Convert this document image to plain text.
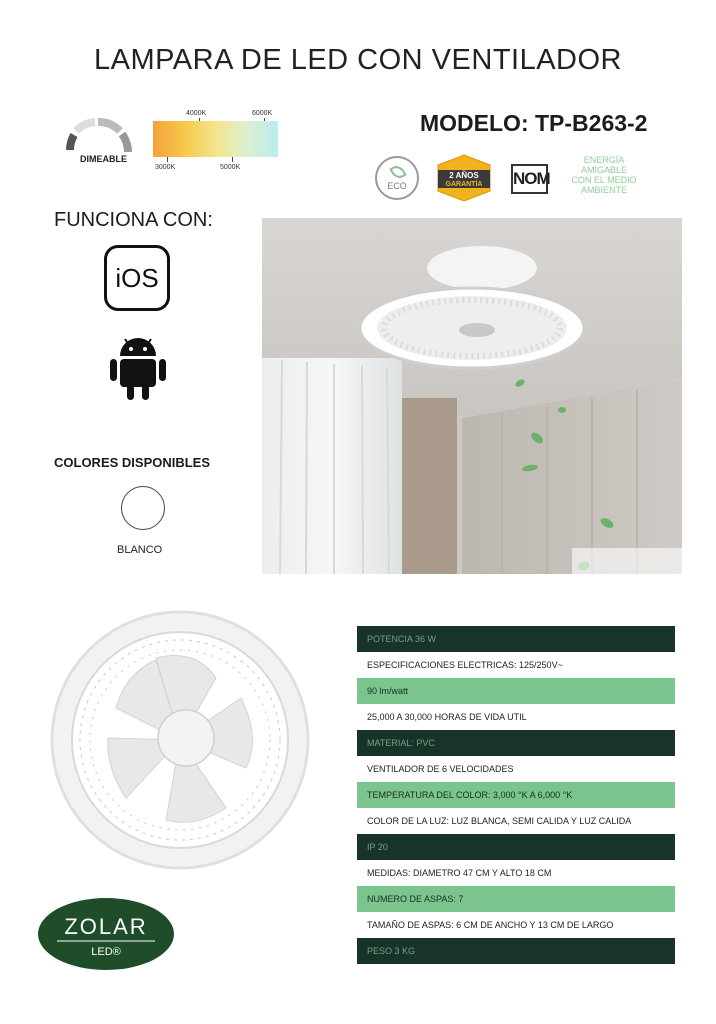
LAMPARA DE LED CON VENTILADOR
MODELO: TP-B263-2
DIMEABLE
4000K	6000K
3000K	5000K
ECO
2 AÑOS
GARANTÍA NOM
ENERGÍA
AMIGABLE
CON EL MEDIO
AMBIENTE
FUNCIONA CON:
iOS
COLORES DISPONIBLES
BLANCO
POTENCIA 36 W
ESPECIFICACIONES ELECTRICAS: 125/250V~
90 lm/watt
25,000 A 30,000 HORAS DE VIDA UTIL
MATERIAL: PVC
VENTILADOR DE 6 VELOCIDADES
TEMPERATURA DEL COLOR: 3,000 °K A 6,000 °K
COLOR DE LA LUZ: LUZ BLANCA, SEMI CALIDA Y LUZ CALIDA
IP 20
MEDIDAS: DIAMETRO 47 CM Y ALTO 18 CM
NUMERO DE ASPAS: 7
TAMAÑO DE ASPAS: 6 CM DE ANCHO Y 13 CM DE LARGO
PESO 3 KG
ZOLAR
LED®
